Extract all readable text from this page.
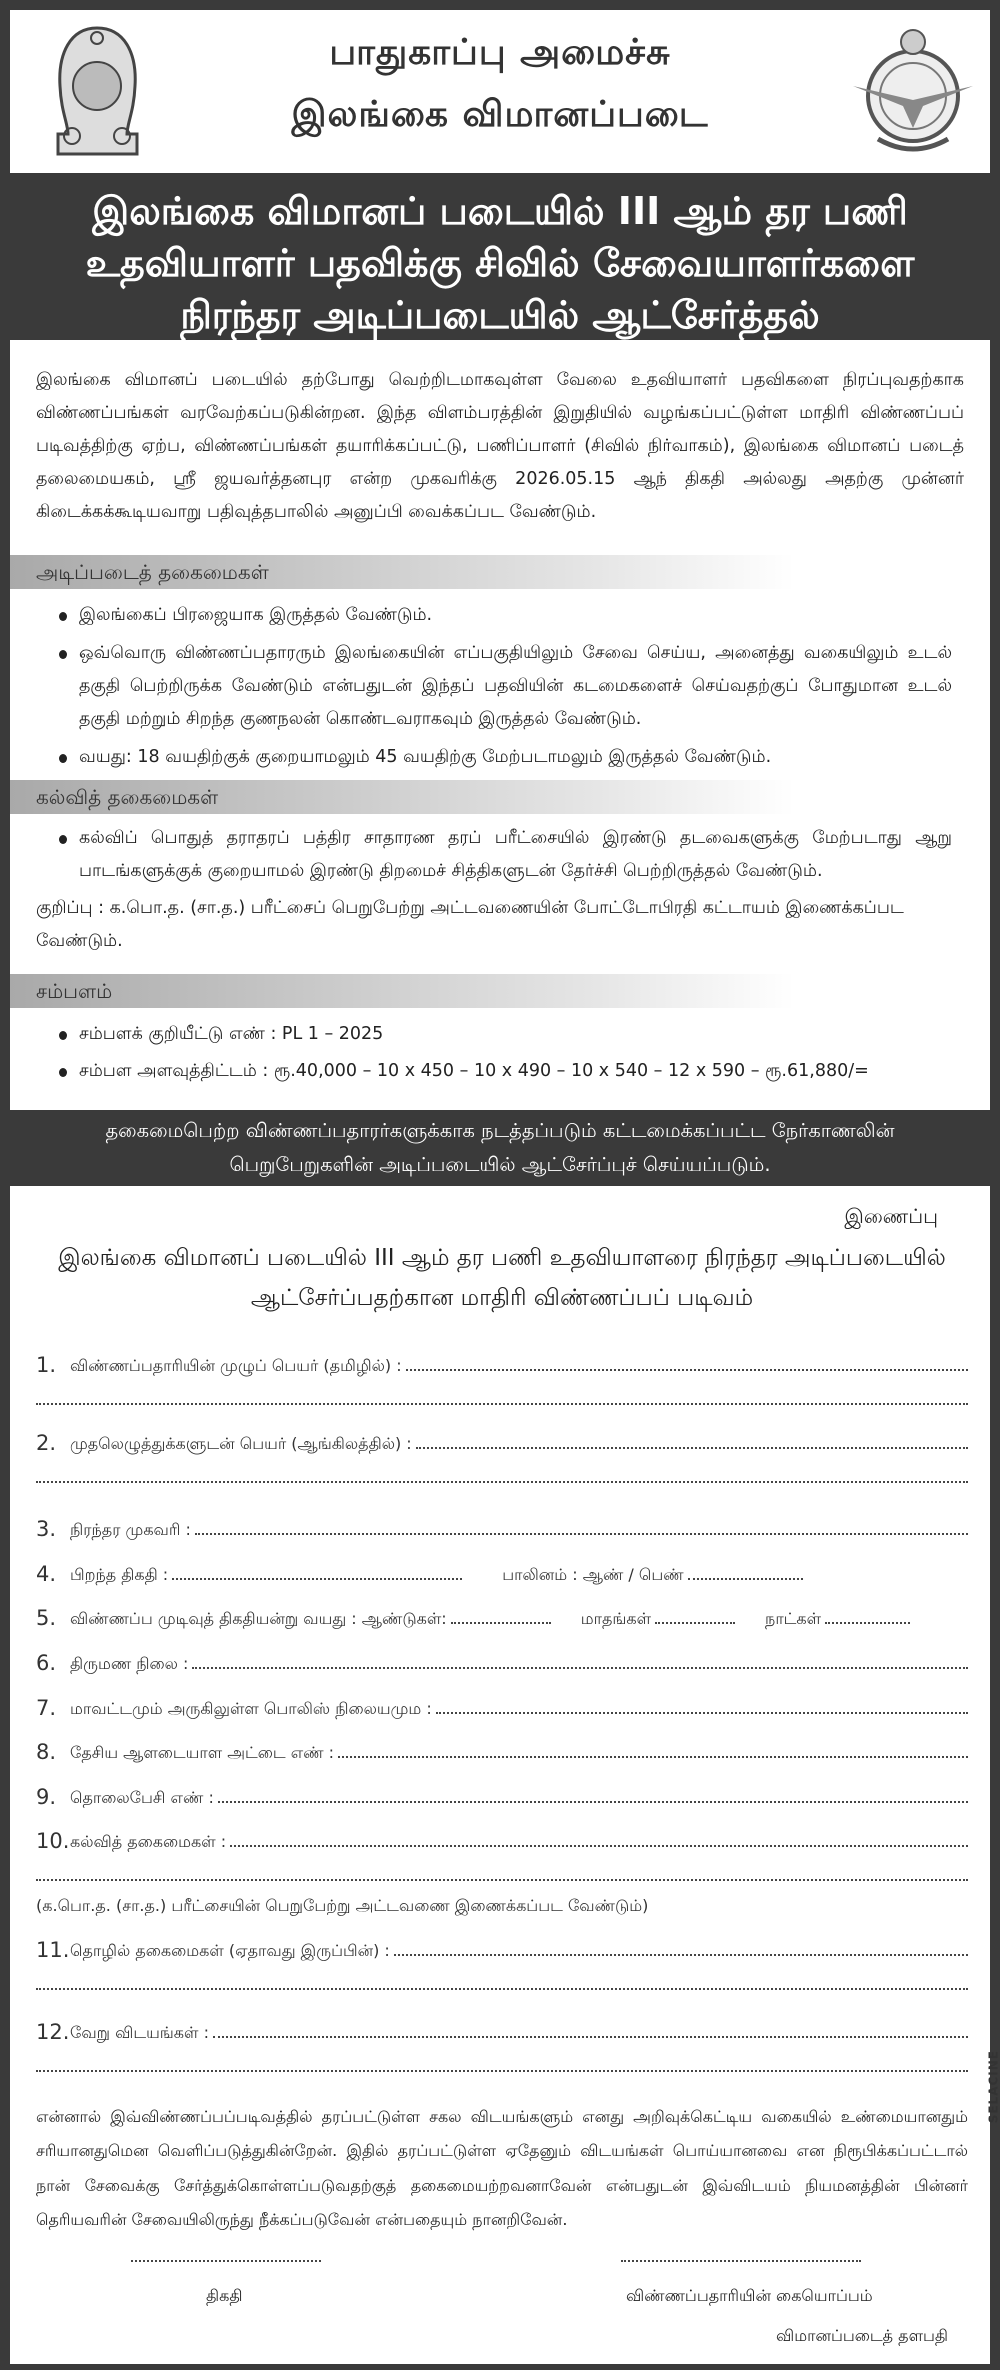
பாதுகாப்பு அமைச்சு
இலங்கை விமானப்படை
இலங்கை விமானப் படையில் III ஆம் தர பணி
உதவியாளர் பதவிக்கு சிவில் சேவையாளர்களை
நிரந்தர அடிப்படையில் ஆட்சேர்த்தல்

இலங்கை விமானப் படையில் தற்போது வெற்றிடமாகவுள்ள வேலை உதவியாளர் பதவிகளை நிரப்புவதற்காக விண்ணப்பங்கள் வரவேற்கப்படுகின்றன. இந்த விளம்பரத்தின் இறுதியில் வழங்கப்பட்டுள்ள மாதிரி விண்ணப்பப் படிவத்திற்கு ஏற்ப, விண்ணப்பங்கள் தயாரிக்கப்பட்டு, பணிப்பாளர் (சிவில் நிர்வாகம்), இலங்கை விமானப் படைத் தலைமையகம், ஸ்ரீ ஜயவர்த்தனபுர என்ற முகவரிக்கு 2026.05.15 ஆந் திகதி அல்லது அதற்கு முன்னர் கிடைக்கக்கூடியவாறு பதிவுத்தபாலில் அனுப்பி வைக்கப்பட வேண்டும்.

அடிப்படைத் தகைமைகள்
இலங்கைப் பிரஜையாக இருத்தல் வேண்டும்.
ஒவ்வொரு விண்ணப்பதாரரும் இலங்கையின் எப்பகுதியிலும் சேவை செய்ய, அனைத்து வகையிலும் உடல் தகுதி பெற்றிருக்க வேண்டும் என்பதுடன் இந்தப் பதவியின் கடமைகளைச் செய்வதற்குப் போதுமான உடல் தகுதி மற்றும் சிறந்த குணநலன் கொண்டவராகவும் இருத்தல் வேண்டும்.
வயது: 18 வயதிற்குக் குறையாமலும் 45 வயதிற்கு மேற்படாமலும் இருத்தல் வேண்டும்.
கல்வித் தகைமைகள்
கல்விப் பொதுத் தராதரப் பத்திர சாதாரண தரப் பரீட்சையில் இரண்டு தடவைகளுக்கு மேற்படாது ஆறு பாடங்களுக்குக் குறையாமல் இரண்டு திறமைச் சித்திகளுடன் தேர்ச்சி பெற்றிருத்தல் வேண்டும்.

குறிப்பு : க.பொ.த. (சா.த.) பரீட்சைப் பெறுபேற்று அட்டவணையின் போட்டோபிரதி கட்டாயம் இணைக்கப்பட வேண்டும்.

சம்பளம்
சம்பளக் குறியீட்டு எண் : PL 1 – 2025
சம்பள அளவுத்திட்டம் : ரூ.40,000 – 10 x 450 – 10 x 490 – 10 x 540 – 12 x 590 – ரூ.61,880/=
தகைமைபெற்ற விண்ணப்பதாரர்களுக்காக நடத்தப்படும் கட்டமைக்கப்பட்ட நேர்காணலின்
பெறுபேறுகளின் அடிப்படையில் ஆட்சேர்ப்புச் செய்யப்படும்.
இணைப்பு
இலங்கை விமானப் படையில் III ஆம் தர பணி உதவியாளரை நிரந்தர அடிப்படையில்
ஆட்சேர்ப்பதற்கான மாதிரி விண்ணப்பப் படிவம்
1. விண்ணப்பதாரியின் முழுப் பெயர் (தமிழில்) :
2. முதலெழுத்துக்களுடன் பெயர் (ஆங்கிலத்தில்) :
3. நிரந்தர முகவரி :
4. பிறந்த திகதி :	பாலினம் : ஆண் / பெண்
5. விண்ணப்ப முடிவுத் திகதியன்று வயது : ஆண்டுகள்:	மாதங்கள்	நாட்கள்
6. திருமண நிலை :
7. மாவட்டமும் அருகிலுள்ள பொலிஸ் நிலையமும :
8. தேசிய ஆளடையாள அட்டை எண் :
9. தொலைபேசி எண் :
10. கல்வித் தகைமைகள் :
(க.பொ.த. (சா.த.) பரீட்சையின் பெறுபேற்று அட்டவணை இணைக்கப்பட வேண்டும்)
11. தொழில் தகைமைகள் (ஏதாவது இருப்பின்) :
12. வேறு விடயங்கள் :

என்னால் இவ்விண்ணப்பப்படிவத்தில் தரப்பட்டுள்ள சகல விடயங்களும் எனது அறிவுக்கெட்டிய வகையில் உண்மையானதும் சரியானதுமென வெளிப்படுத்துகின்றேன். இதில் தரப்பட்டுள்ள ஏதேனும் விடயங்கள் பொய்யானவை என நிரூபிக்கப்பட்டால் நான் சேவைக்கு சேர்த்துக்கொள்ளப்படுவதற்குத் தகைமையற்றவனாவேன் என்பதுடன் இவ்விடயம் நியமனத்தின் பின்னர் தெரியவரின் சேவையிலிருந்து நீக்கப்படுவேன் என்பதையும் நானறிவேன்.

திகதி	விண்ணப்பதாரியின் கையொப்பம்
விமானப்படைத் தளபதி
SELACINE
